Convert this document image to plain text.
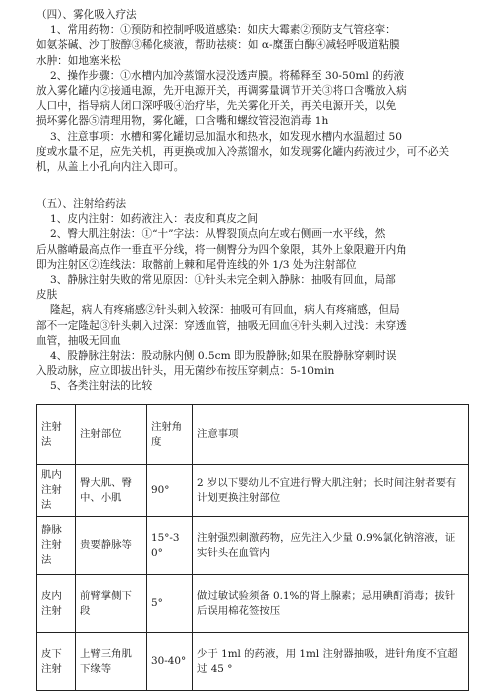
（四）、雾化吸入疗法
1、常用药物：①预防和控制呼吸道感染：如庆大霉素②预防支气管痉挛：
如氨茶碱、沙丁胺醇③稀化痰液，帮助祛痰：如 α-糜蛋白酶④减轻呼吸道粘膜
水肿：如地塞米松
2、操作步骤：①水槽内加冷蒸馏水浸没透声膜。将稀释至 30-50ml 的药液
放入雾化罐内②接通电源，先开电源开关，再调雾量调节开关③将口含嘴放入病
人口中，指导病人闭口深呼吸④治疗毕，先关雾化开关，再关电源开关，以免
损坏雾化器⑤清理用物，雾化罐，口含嘴和螺纹管浸泡消毒 1h
3、注意事项：水槽和雾化罐切忌加温水和热水，如发现水槽内水温超过 50
度或水量不足，应先关机，再更换或加入冷蒸馏水，如发现雾化罐内药液过少，可不必关
机，从盖上小孔向内注入即可。
（五）、注射给药法
1、皮内注射：如药液注入：表皮和真皮之间
2、臀大肌注射法：①“十”字法：从臀裂顶点向左或右侧画一水平线，然
后从髂嵴最高点作一垂直平分线，将一侧臀分为四个象限，其外上象限避开内角
即为注射区②连线法：取髂前上棘和尾骨连线的外 1/3 处为注射部位
3、静脉注射失败的常见原因：①针头未完全刺入静脉：抽吸有回血，局部
皮肤
隆起，病人有疼痛感②针头刺入较深：抽吸可有回血，病人有疼痛感，但局
部不一定隆起③针头刺入过深：穿透血管，抽吸无回血④针头刺入过浅：未穿透
血管，抽吸无回血
4、股静脉注射法：股动脉内侧 0.5cm 即为股静脉;如果在股静脉穿刺时误
入股动脉，应立即拔出针头，用无菌纱布按压穿刺点：5-10min
5、各类注射法的比较
注射法	注射部位	注射角度	注意事项
肌内注射法	臀大肌、臀中、小肌	90°	2 岁以下婴幼儿不宜进行臀大肌注射；长时间注射者要有计划更换注射部位
静脉注射法	贵要静脉等	15°-30°	注射强烈刺激药物，应先注入少量 0.9%氯化钠溶液，证实针头在血管内
皮内注射	前臂掌侧下段	5°	做过敏试验须备 0.1%的肾上腺素；忌用碘酊消毒；拔针后误用棉花签按压
皮下注射	上臂三角肌下缘等	30-40°	少于 1ml 的药液，用 1ml 注射器抽吸，进针角度不宜超过 45 °
